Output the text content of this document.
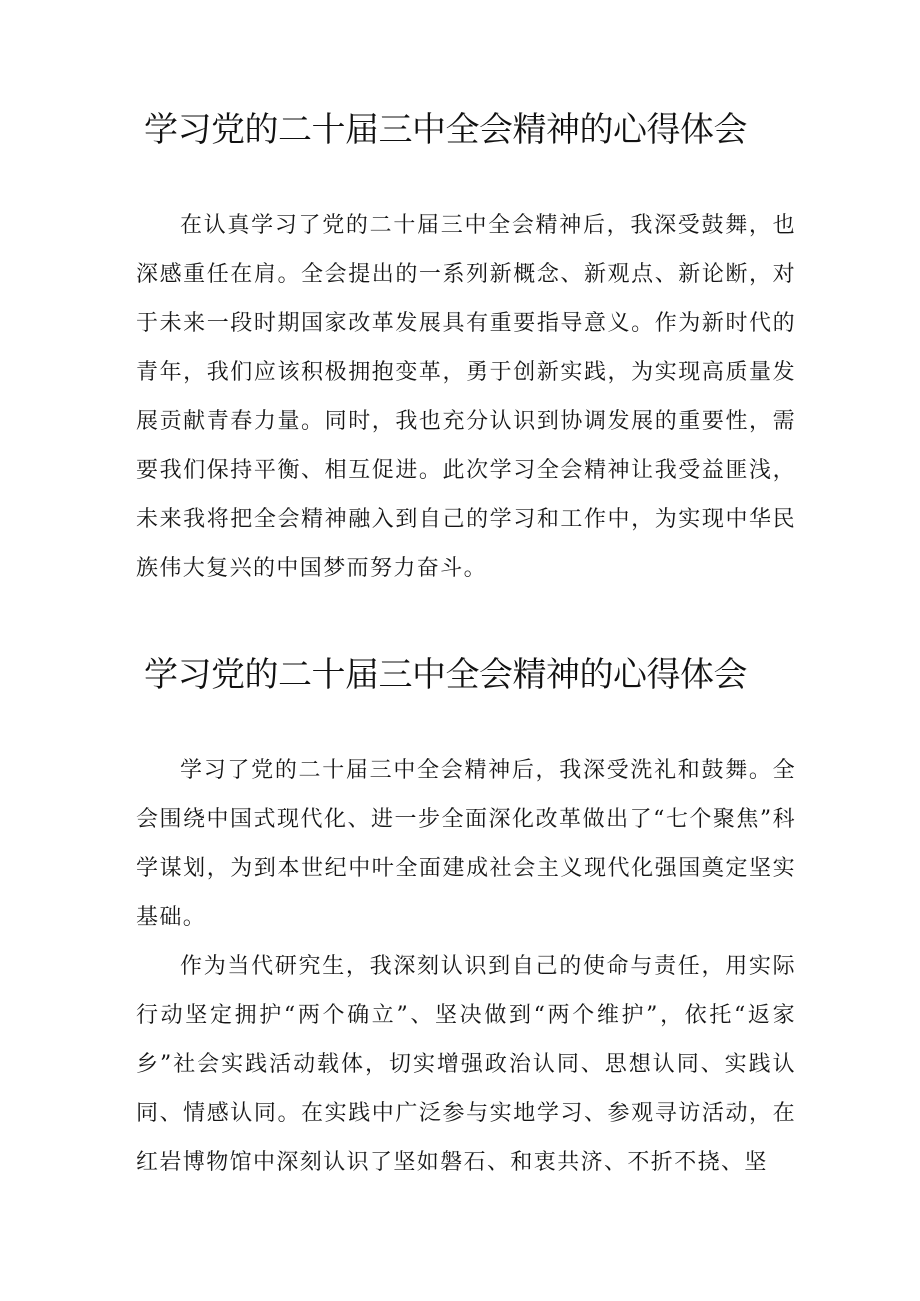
学习党的二十届三中全会精神的心得体会

在认真学习了党的二十届三中全会精神后，我深受鼓舞，也深感重任在肩。全会提出的一系列新概念、新观点、新论断，对于未来一段时期国家改革发展具有重要指导意义。作为新时代的青年，我们应该积极拥抱变革，勇于创新实践，为实现高质量发展贡献青春力量。同时，我也充分认识到协调发展的重要性，需要我们保持平衡、相互促进。此次学习全会精神让我受益匪浅，未来我将把全会精神融入到自己的学习和工作中，为实现中华民族伟大复兴的中国梦而努力奋斗。

学习党的二十届三中全会精神的心得体会

学习了党的二十届三中全会精神后，我深受洗礼和鼓舞。全会围绕中国式现代化、进一步全面深化改革做出了“七个聚焦”科学谋划，为到本世纪中叶全面建成社会主义现代化强国奠定坚实基础。

作为当代研究生，我深刻认识到自己的使命与责任，用实际行动坚定拥护“两个确立”、坚决做到“两个维护”，依托“返家乡”社会实践活动载体，切实增强政治认同、思想认同、实践认同、情感认同。在实践中广泛参与实地学习、参观寻访活动，在红岩博物馆中深刻认识了坚如磐石、和衷共济、不折不挠、坚
